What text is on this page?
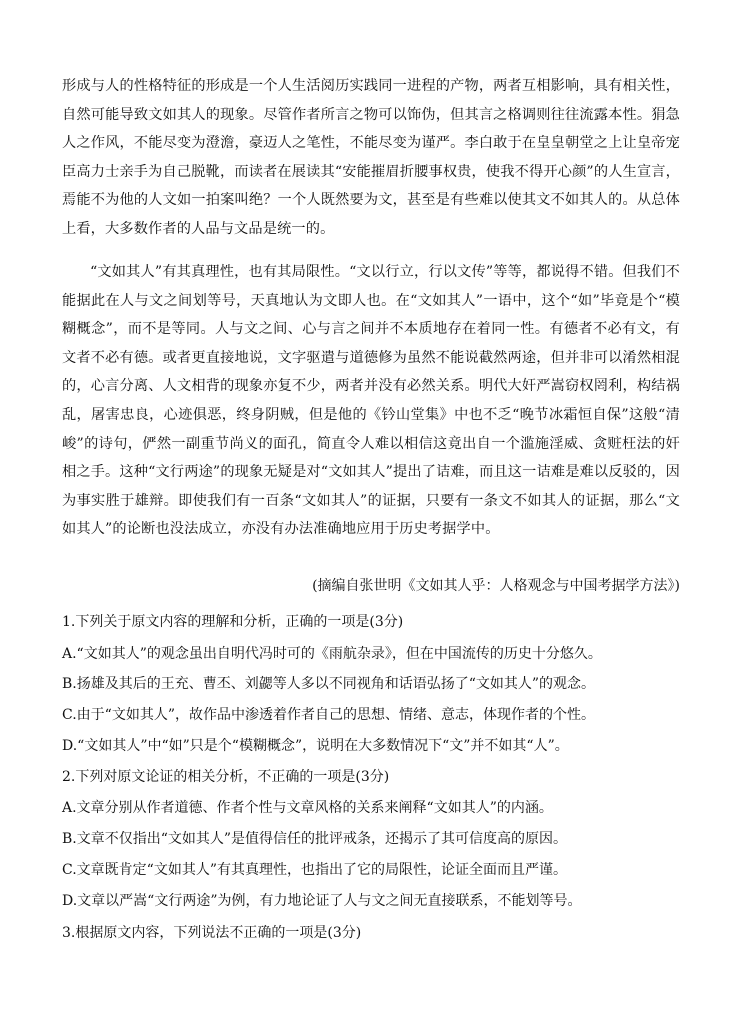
形成与人的性格特征的形成是一个人生活阅历实践同一进程的产物，两者互相影响，具有相关性，自然可能导致文如其人的现象。尽管作者所言之物可以饰伪，但其言之格调则往往流露本性。狷急人之作风，不能尽变为澄澹，豪迈人之笔性，不能尽变为谨严。李白敢于在皇皇朝堂之上让皇帝宠臣高力士亲手为自己脱靴，而读者在展读其“安能摧眉折腰事权贵，使我不得开心颜”的人生宣言，焉能不为他的人文如一拍案叫绝？一个人既然要为文，甚至是有些难以使其文不如其人的。从总体上看，大多数作者的人品与文品是统一的。

“文如其人”有其真理性，也有其局限性。“文以行立，行以文传”等等，都说得不错。但我们不能据此在人与文之间划等号，天真地认为文即人也。在“文如其人”一语中，这个“如”毕竟是个“模糊概念”，而不是等同。人与文之间、心与言之间并不本质地存在着同一性。有德者不必有文，有文者不必有德。或者更直接地说，文字驱遣与道德修为虽然不能说截然两途，但并非可以淆然相混的，心言分离、人文相背的现象亦复不少，两者并没有必然关系。明代大奸严嵩窃权罔利，构结祸乱，屠害忠良，心迹俱恶，终身阴贼，但是他的《钤山堂集》中也不乏“晚节冰霜恒自保”这般“清峻”的诗句，俨然一副重节尚义的面孔，简直令人难以相信这竟出自一个滥施淫威、贪赃枉法的奸相之手。这种“文行两途”的现象无疑是对“文如其人”提出了诘难，而且这一诘难是难以反驳的，因为事实胜于雄辩。即使我们有一百条“文如其人”的证据，只要有一条文不如其人的证据，那么“文如其人”的论断也没法成立，亦没有办法准确地应用于历史考据学中。

(摘编自张世明《文如其人乎：人格观念与中国考据学方法》)

1.下列关于原文内容的理解和分析，正确的一项是(3分)

A.“文如其人”的观念虽出自明代冯时可的《雨航杂录》，但在中国流传的历史十分悠久。

B.扬雄及其后的王充、曹丕、刘勰等人多以不同视角和话语弘扬了“文如其人”的观念。

C.由于“文如其人”，故作品中渗透着作者自己的思想、情绪、意志，体现作者的个性。

D.“文如其人”中“如”只是个“模糊概念”，说明在大多数情况下“文”并不如其“人”。

2.下列对原文论证的相关分析，不正确的一项是(3分)

A.文章分别从作者道德、作者个性与文章风格的关系来阐释“文如其人”的内涵。

B.文章不仅指出“文如其人”是值得信任的批评戒条，还揭示了其可信度高的原因。

C.文章既肯定“文如其人”有其真理性，也指出了它的局限性，论证全面而且严谨。

D.文章以严嵩“文行两途”为例，有力地论证了人与文之间无直接联系，不能划等号。

3.根据原文内容，下列说法不正确的一项是(3分)
